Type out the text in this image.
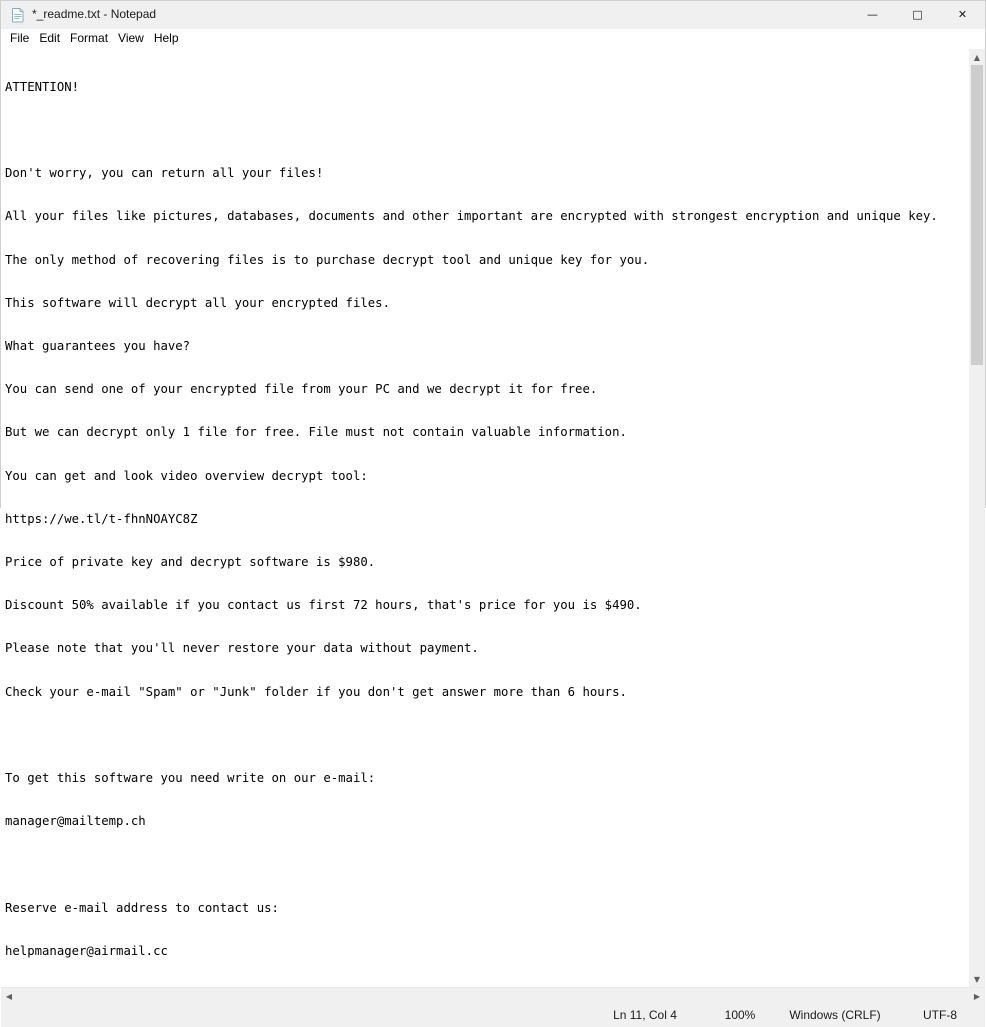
*_readme.txt - Notepad	—	□	✕
File Edit Format View Help

ATTENTION!

Don't worry, you can return all your files!

All your files like pictures, databases, documents and other important are encrypted with strongest encryption and unique key.

The only method of recovering files is to purchase decrypt tool and unique key for you.

This software will decrypt all your encrypted files.

What guarantees you have?

You can send one of your encrypted file from your PC and we decrypt it for free.

But we can decrypt only 1 file for free. File must not contain valuable information.

You can get and look video overview decrypt tool:

https://we.tl/t-fhnNOAYC8Z

Price of private key and decrypt software is $980.

Discount 50% available if you contact us first 72 hours, that's price for you is $490.

Please note that you'll never restore your data without payment.

Check your e-mail "Spam" or "Junk" folder if you don't get answer more than 6 hours.

To get this software you need write on our e-mail:

manager@mailtemp.ch

Reserve e-mail address to contact us:

helpmanager@airmail.cc

▲
▼
◀	▶
Ln 11, Col 4	100%	Windows (CRLF)	UTF-8
